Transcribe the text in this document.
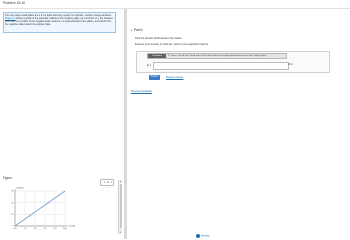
Problem 15.10
Two very large metal plates are 1.0 cm apart and carry equal, but opposite, surface charge densities. (Figure 1) shows a graph of the potential, relative to the negative plate, as a function of x, the distance from the inner surface of the negative plate. Assume x is perpendicular to the plates, and points from the negative plate toward the positive plate.
Figure
‹ 1 of 1 ›
0.0	2.0	4.0	6.0	8.0	10.0
0
10
20
30
V (volts)
x (mm)
▴
▾
▾ Part A
Find the electric field between the plates.
Express your answer in volts per meter to two significant figures.
Templates	Ω √ Insert a Part A; Save Part A; undo Part A; redo Part A; reset Part A; keyboard shortcuts for Part A; help for Part A
E =	V/m
Submit	Request Answer
Provide Feedback
Review
